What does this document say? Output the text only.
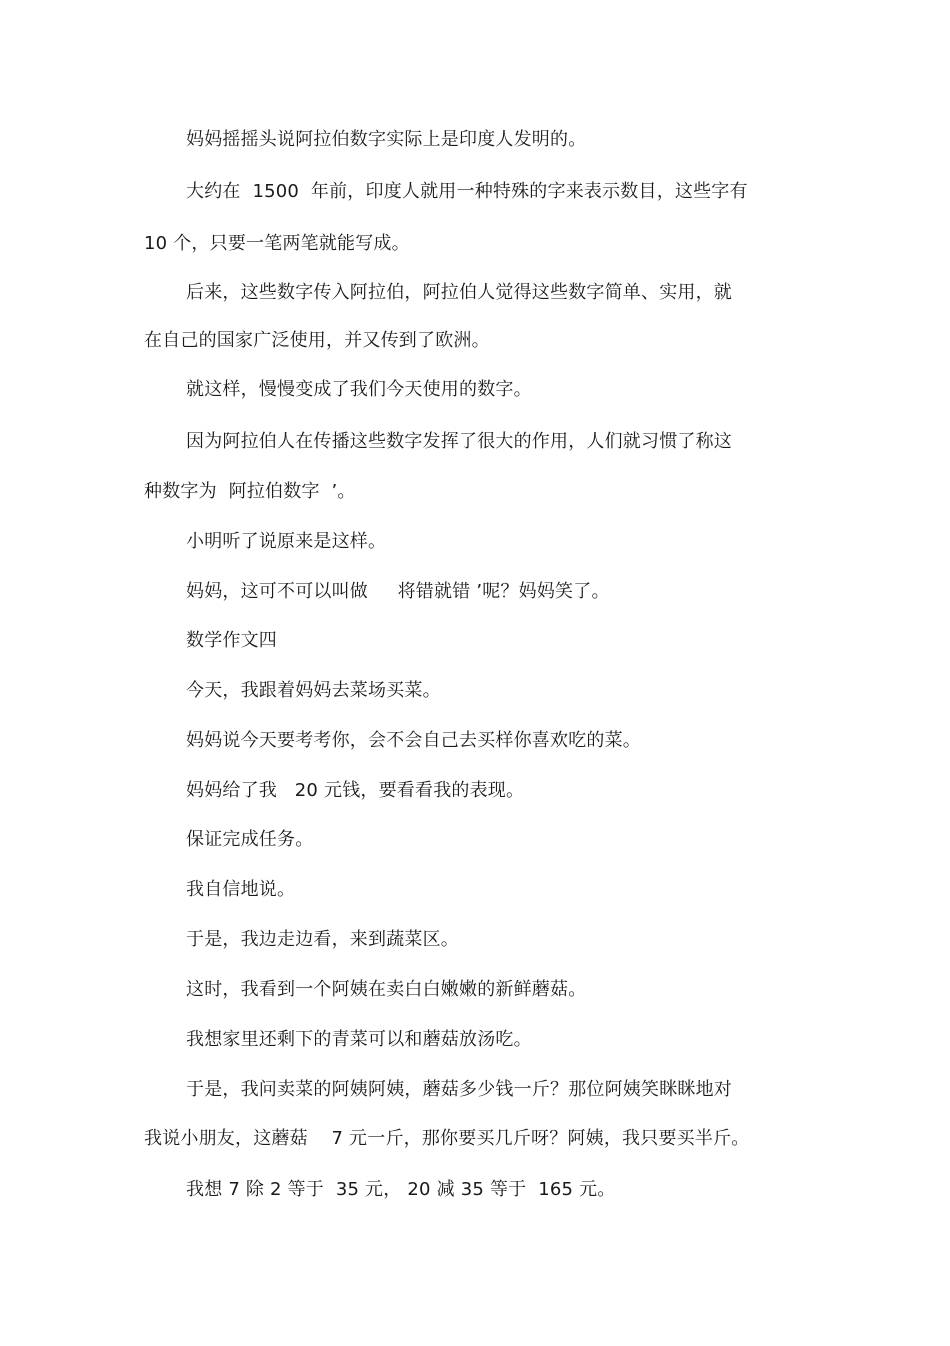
妈妈摇摇头说阿拉伯数字实际上是印度人发明的。
大约在  1500  年前，印度人就用一种特殊的字来表示数目，这些字有
10 个，只要一笔两笔就能写成。
后来，这些数字传入阿拉伯，阿拉伯人觉得这些数字简单、实用，就
在自己的国家广泛使用，并又传到了欧洲。
就这样，慢慢变成了我们今天使用的数字。
因为阿拉伯人在传播这些数字发挥了很大的作用，人们就习惯了称这
种数字为  阿拉伯数字  ’。
小明听了说原来是这样。
妈妈，这可不可以叫做     将错就错 ’呢？妈妈笑了。
数学作文四
今天，我跟着妈妈去菜场买菜。
妈妈说今天要考考你，会不会自己去买样你喜欢吃的菜。
妈妈给了我   20 元钱，要看看我的表现。
保证完成任务。
我自信地说。
于是，我边走边看，来到蔬菜区。
这时，我看到一个阿姨在卖白白嫩嫩的新鲜蘑菇。
我想家里还剩下的青菜可以和蘑菇放汤吃。
于是，我问卖菜的阿姨阿姨，蘑菇多少钱一斤？那位阿姨笑眯眯地对
我说小朋友，这蘑菇    7 元一斤，那你要买几斤呀？阿姨，我只要买半斤。
我想 7 除 2 等于  35 元， 20 减 35 等于  165 元。
